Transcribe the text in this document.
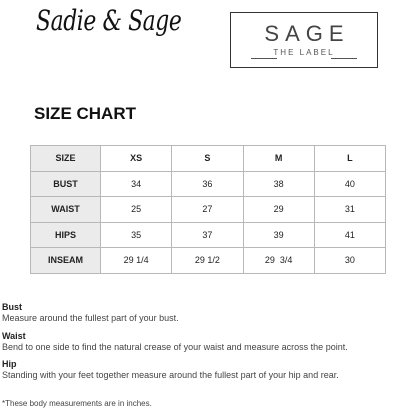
Sadie & Sage	SAGE
THE LABEL
SIZE CHART
SIZE	XS	S	M	L
BUST	34	36	38	40
WAIST	25	27	29	31
HIPS	35	37	39	41
INSEAM	29 1/4	29 1/2	29  3/4	30
Bust
Measure around the fullest part of your bust.
Waist
Bend to one side to find the natural crease of your waist and measure across the point.
Hip
Standing with your feet together measure around the fullest part of your hip and rear.
*These body measurements are in inches.
